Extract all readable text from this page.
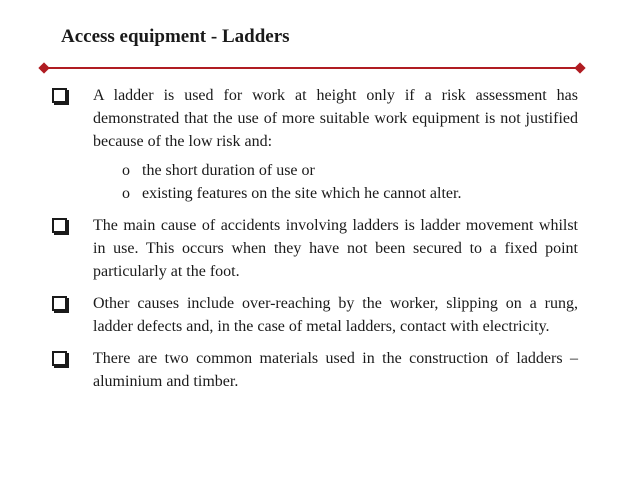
Access equipment - Ladders
A ladder is used for work at height only if a risk assessment has demonstrated that the use of more suitable work equipment is not justified because of the low risk and:
o the short duration of use or
o existing features on the site which he cannot alter.
The main cause of accidents involving ladders is ladder movement whilst in use. This occurs when they have not been secured to a fixed point particularly at the foot.
Other causes include over-reaching by the worker, slipping on a rung, ladder defects and, in the case of metal ladders, contact with electricity.
There are two common materials used in the construction of ladders – aluminium and timber.
